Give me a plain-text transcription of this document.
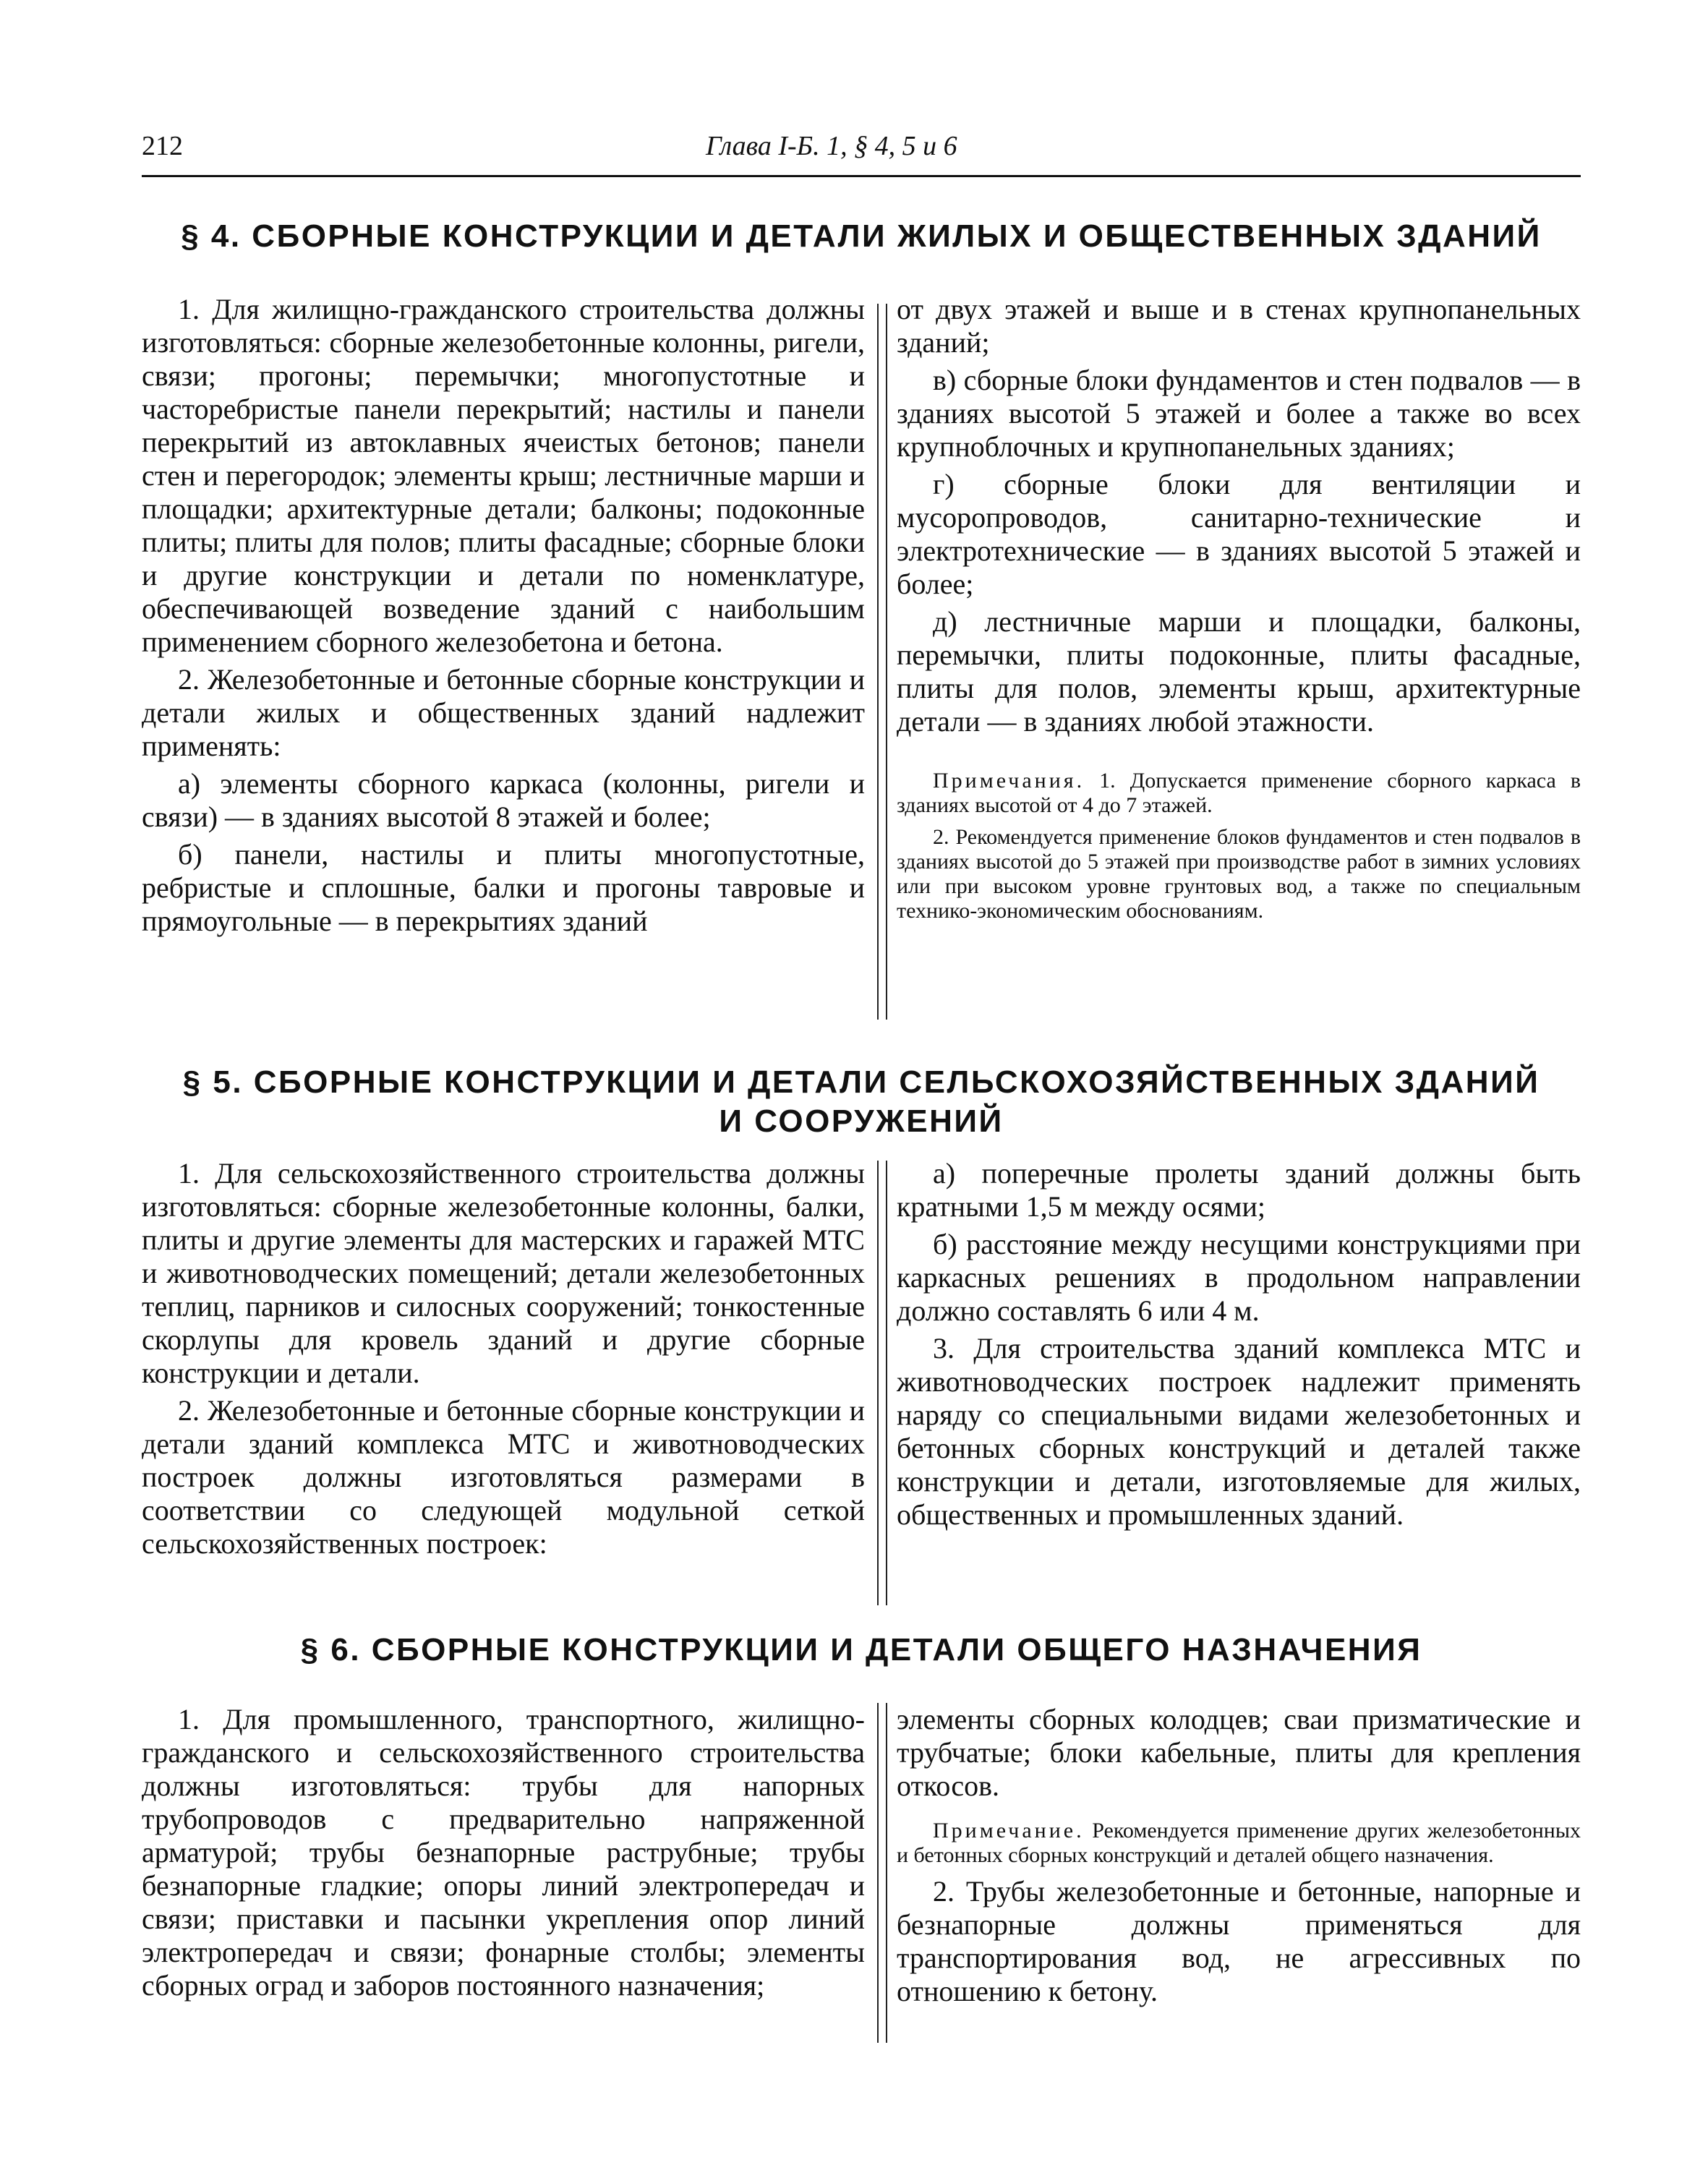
212	Глава I-Б. 1, § 4, 5 и 6
§ 4. СБОРНЫЕ КОНСТРУКЦИИ И ДЕТАЛИ ЖИЛЫХ И ОБЩЕСТВЕННЫХ ЗДАНИЙ

1. Для жилищно-гражданского строительства должны изготовляться: сборные железобетонные колонны, ригели, связи; прогоны; перемычки; многопустотные и часторебристые панели перекрытий; настилы и панели перекрытий из автоклавных ячеистых бетонов; панели стен и перегородок; элементы крыш; лестничные марши и площадки; архитектурные детали; балконы; подоконные плиты; плиты для полов; плиты фасадные; сборные блоки и другие конструкции и детали по номенклатуре, обеспечивающей возведение зданий с наибольшим применением сборного железобетона и бетона.

2. Железобетонные и бетонные сборные конструкции и детали жилых и общественных зданий надлежит применять:

а) элементы сборного каркаса (колонны, ригели и связи) — в зданиях высотой 8 этажей и более;

б) панели, настилы и плиты многопустотные, ребристые и сплошные, балки и прогоны тавровые и прямоугольные — в перекрытиях зданий

от двух этажей и выше и в стенах крупнопанельных зданий;

в) сборные блоки фундаментов и стен подвалов — в зданиях высотой 5 этажей и более а также во всех крупноблочных и крупнопанельных зданиях;

г) сборные блоки для вентиляции и мусоропроводов, санитарно-технические и электротехнические — в зданиях высотой 5 этажей и более;

д) лестничные марши и площадки, балконы, перемычки, плиты подоконные, плиты фасадные, плиты для полов, элементы крыш, архитектурные детали — в зданиях любой этажности.

Примечания. 1. Допускается применение сборного каркаса в зданиях высотой от 4 до 7 этажей.

2. Рекомендуется применение блоков фундаментов и стен подвалов в зданиях высотой до 5 этажей при производстве работ в зимних условиях или при высоком уровне грунтовых вод, а также по специальным технико-экономическим обоснованиям.

§ 5. СБОРНЫЕ КОНСТРУКЦИИ И ДЕТАЛИ СЕЛЬСКОХОЗЯЙСТВЕННЫХ ЗДАНИЙ
И СООРУЖЕНИЙ

1. Для сельскохозяйственного строительства должны изготовляться: сборные железобетонные колонны, балки, плиты и другие элементы для мастерских и гаражей МТС и животноводческих помещений; детали железобетонных теплиц, парников и силосных сооружений; тонкостенные скорлупы для кровель зданий и другие сборные конструкции и детали.

2. Железобетонные и бетонные сборные конструкции и детали зданий комплекса МТС и животноводческих построек должны изготовляться размерами в соответствии со следующей модульной сеткой сельскохозяйственных построек:

а) поперечные пролеты зданий должны быть кратными 1,5 м между осями;

б) расстояние между несущими конструкциями при каркасных решениях в продольном направлении должно составлять 6 или 4 м.

3. Для строительства зданий комплекса МТС и животноводческих построек надлежит применять наряду со специальными видами железобетонных и бетонных сборных конструкций и деталей также конструкции и детали, изготовляемые для жилых, общественных и промышленных зданий.

§ 6. СБОРНЫЕ КОНСТРУКЦИИ И ДЕТАЛИ ОБЩЕГО НАЗНАЧЕНИЯ

1. Для промышленного, транспортного, жилищно-гражданского и сельскохозяйственного строительства должны изготовляться: трубы для напорных трубопроводов с предварительно напряженной арматурой; трубы безнапорные раструбные; трубы безнапорные гладкие; опоры линий электропередач и связи; приставки и пасынки укрепления опор линий электропередач и связи; фонарные столбы; элементы сборных оград и заборов постоянного назначения;

элементы сборных колодцев; сваи призматические и трубчатые; блоки кабельные, плиты для крепления откосов.

Примечание. Рекомендуется применение других железобетонных и бетонных сборных конструкций и деталей общего назначения.

2. Трубы железобетонные и бетонные, напорные и безнапорные должны применяться для транспортирования вод, не агрессивных по отношению к бетону.
